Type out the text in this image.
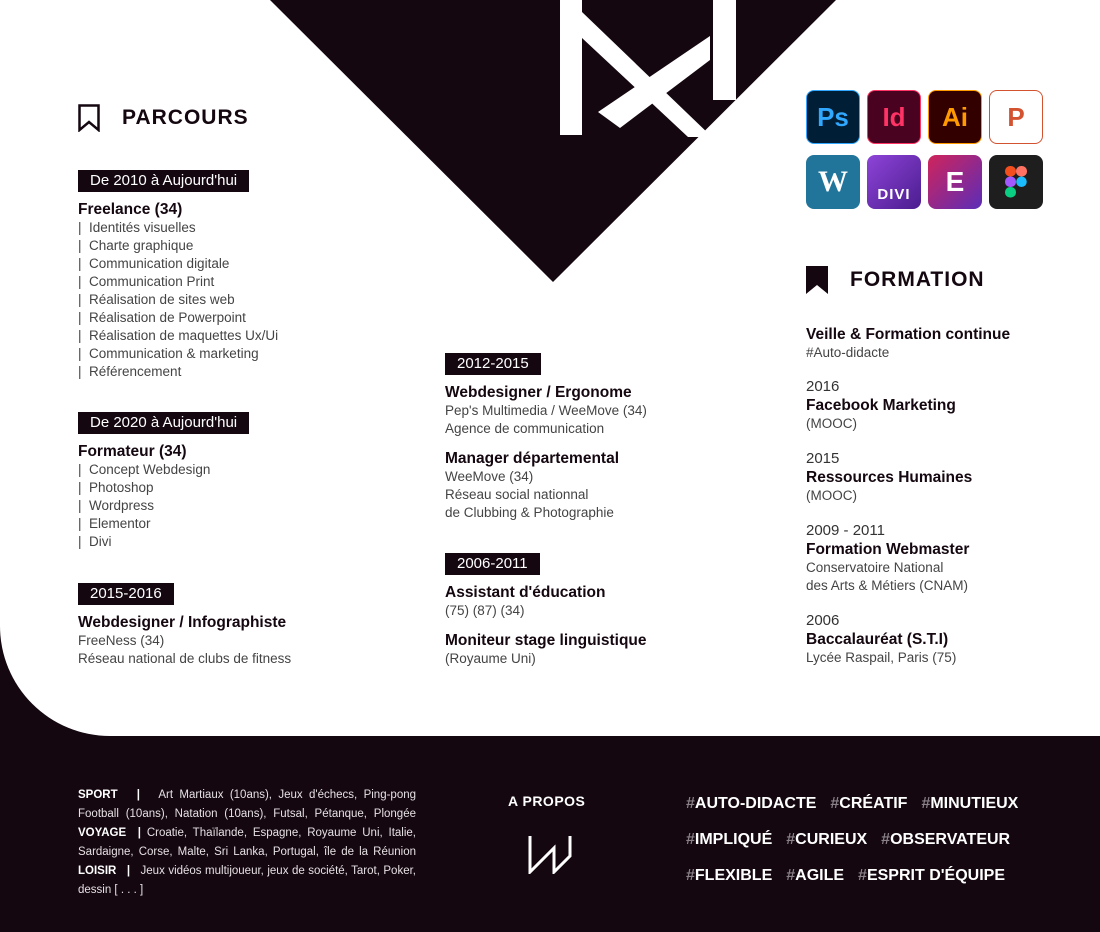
PARCOURS
De 2010 à Aujourd'hui
Freelance (34)
|  Identités visuelles
|  Charte graphique
|  Communication digitale
|  Communication Print
|  Réalisation de sites web
|  Réalisation de Powerpoint
|  Réalisation de maquettes Ux/Ui
|  Communication & marketing
|  Référencement
De 2020 à Aujourd'hui
Formateur (34)
|  Concept Webdesign
|  Photoshop
|  Wordpress
|  Elementor
|  Divi
2015-2016
Webdesigner / Infographiste
FreeNess (34)
Réseau national de clubs de fitness
2012-2015
Webdesigner / Ergonome
Pep's Multimedia / WeeMove (34)
Agence de communication
Manager départemental
WeeMove (34)
Réseau social nationnal
de Clubbing & Photographie
2006-2011
Assistant d'éducation
(75) (87) (34)
Moniteur stage linguistique
(Royaume Uni)
Ps	Id	Ai	P
W	DIVI	E
FORMATION
Veille & Formation continue
#Auto-didacte
2016
Facebook Marketing
(MOOC)
2015
Ressources Humaines
(MOOC)
2009 - 2011
Formation Webmaster
Conservatoire National
des Arts & Métiers (CNAM)
2006
Baccalauréat (S.T.I)
Lycée Raspail, Paris (75)
SPORT | Art Martiaux (10ans), Jeux d'échecs, Ping-pong Football (10ans), Natation (10ans), Futsal, Pétanque, Plongée VOYAGE | Croatie, Thaïlande, Espagne, Royaume Uni, Italie, Sardaigne, Corse, Malte, Sri Lanka, Portugal, île de la Réunion LOISIR | Jeux vidéos multijoueur, jeux de société, Tarot, Poker, dessin [ . . . ]
A PROPOS	#AUTO-DIDACTE #CRÉATIF #MINUTIEUX
#IMPLIQUÉ #CURIEUX #OBSERVATEUR
#FLEXIBLE #AGILE #ESPRIT D'ÉQUIPE
